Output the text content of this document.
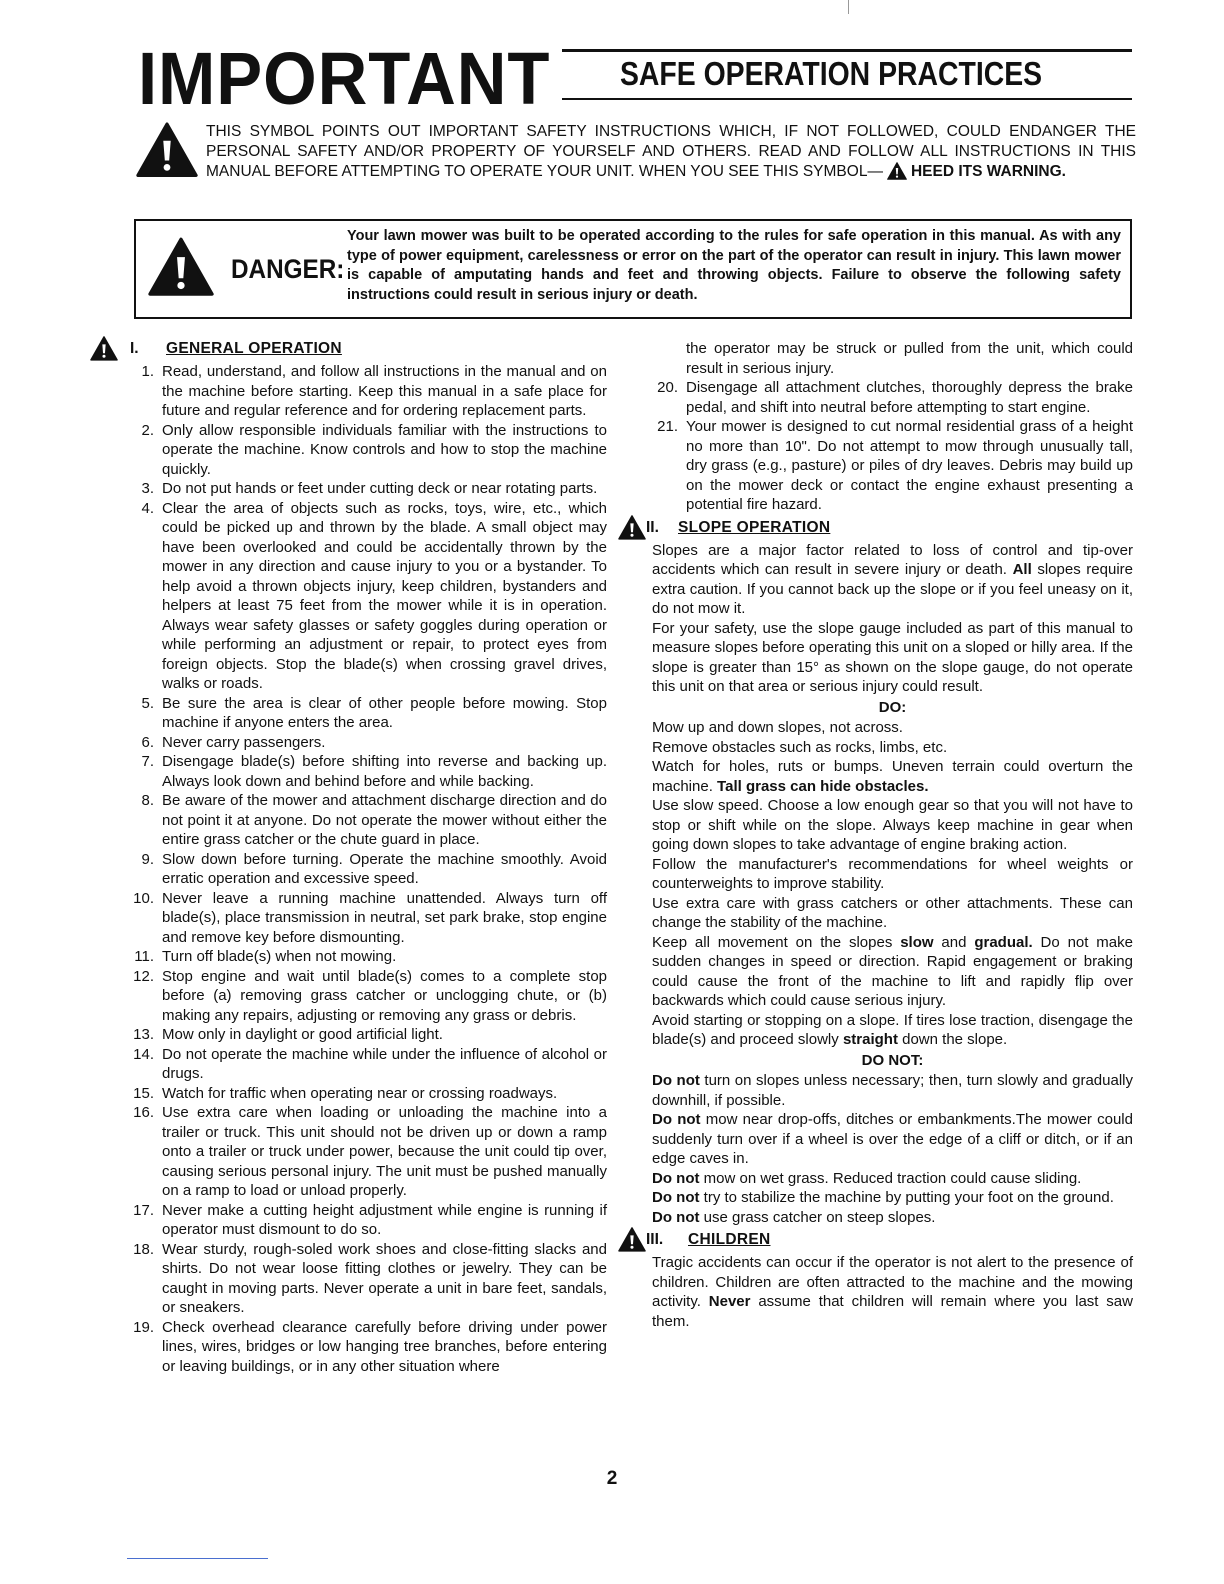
IMPORTANT SAFE OPERATION PRACTICES
THIS SYMBOL POINTS OUT IMPORTANT SAFETY INSTRUCTIONS WHICH, IF NOT FOLLOWED, COULD ENDANGER THE PERSONAL SAFETY AND/OR PROPERTY OF YOURSELF AND OTHERS. READ AND FOLLOW ALL INSTRUCTIONS IN THIS MANUAL BEFORE ATTEMPTING TO OPERATE YOUR UNIT. WHEN YOU SEE THIS SYMBOL— HEED ITS WARNING.
DANGER:
Your lawn mower was built to be operated according to the rules for safe operation in this manual. As with any type of power equipment, carelessness or error on the part of the operator can result in injury. This lawn mower is capable of amputating hands and feet and throwing objects. Failure to observe the following safety instructions could result in serious injury or death.
I. GENERAL OPERATION
1. Read, understand, and follow all instructions in the manual and on the machine before starting. Keep this manual in a safe place for future and regular reference and for ordering replacement parts.
2. Only allow responsible individuals familiar with the instructions to operate the machine. Know controls and how to stop the machine quickly.
3. Do not put hands or feet under cutting deck or near rotating parts.
4. Clear the area of objects such as rocks, toys, wire, etc., which could be picked up and thrown by the blade. A small object may have been overlooked and could be accidentally thrown by the mower in any direction and cause injury to you or a bystander. To help avoid a thrown objects injury, keep children, bystanders and helpers at least 75 feet from the mower while it is in operation. Always wear safety glasses or safety goggles during operation or while performing an adjustment or repair, to protect eyes from foreign objects. Stop the blade(s) when crossing gravel drives, walks or roads.
5. Be sure the area is clear of other people before mowing. Stop machine if anyone enters the area.
6. Never carry passengers.
7. Disengage blade(s) before shifting into reverse and backing up. Always look down and behind before and while backing.
8. Be aware of the mower and attachment discharge direction and do not point it at anyone. Do not operate the mower without either the entire grass catcher or the chute guard in place.
9. Slow down before turning. Operate the machine smoothly. Avoid erratic operation and excessive speed.
10. Never leave a running machine unattended. Always turn off blade(s), place transmission in neutral, set park brake, stop engine and remove key before dismounting.
11. Turn off blade(s) when not mowing.
12. Stop engine and wait until blade(s) comes to a complete stop before (a) removing grass catcher or unclogging chute, or (b) making any repairs, adjusting or removing any grass or debris.
13. Mow only in daylight or good artificial light.
14. Do not operate the machine while under the influence of alcohol or drugs.
15. Watch for traffic when operating near or crossing roadways.
16. Use extra care when loading or unloading the machine into a trailer or truck. This unit should not be driven up or down a ramp onto a trailer or truck under power, because the unit could tip over, causing serious personal injury. The unit must be pushed manually on a ramp to load or unload properly.
17. Never make a cutting height adjustment while engine is running if operator must dismount to do so.
18. Wear sturdy, rough-soled work shoes and close-fitting slacks and shirts. Do not wear loose fitting clothes or jewelry. They can be caught in moving parts. Never operate a unit in bare feet, sandals, or sneakers.
19. Check overhead clearance carefully before driving under power lines, wires, bridges or low hanging tree branches, before entering or leaving buildings, or in any other situation where
the operator may be struck or pulled from the unit, which could result in serious injury.
20. Disengage all attachment clutches, thoroughly depress the brake pedal, and shift into neutral before attempting to start engine.
21. Your mower is designed to cut normal residential grass of a height no more than 10". Do not attempt to mow through unusually tall, dry grass (e.g., pasture) or piles of dry leaves. Debris may build up on the mower deck or contact the engine exhaust presenting a potential fire hazard.
II. SLOPE OPERATION

Slopes are a major factor related to loss of control and tip-over accidents which can result in severe injury or death. All slopes require extra caution. If you cannot back up the slope or if you feel uneasy on it, do not mow it.

For your safety, use the slope gauge included as part of this manual to measure slopes before operating this unit on a sloped or hilly area. If the slope is greater than 15° as shown on the slope gauge, do not operate this unit on that area or serious injury could result.

DO:

Mow up and down slopes, not across.

Remove obstacles such as rocks, limbs, etc.

Watch for holes, ruts or bumps. Uneven terrain could overturn the machine. Tall grass can hide obstacles.

Use slow speed. Choose a low enough gear so that you will not have to stop or shift while on the slope. Always keep machine in gear when going down slopes to take advantage of engine braking action.

Follow the manufacturer's recommendations for wheel weights or counterweights to improve stability.

Use extra care with grass catchers or other attachments. These can change the stability of the machine.

Keep all movement on the slopes slow and gradual. Do not make sudden changes in speed or direction. Rapid engagement or braking could cause the front of the machine to lift and rapidly flip over backwards which could cause serious injury.

Avoid starting or stopping on a slope. If tires lose traction, disengage the blade(s) and proceed slowly straight down the slope.

DO NOT:

Do not turn on slopes unless necessary; then, turn slowly and gradually downhill, if possible.

Do not mow near drop-offs, ditches or embankments.The mower could suddenly turn over if a wheel is over the edge of a cliff or ditch, or if an edge caves in.

Do not mow on wet grass. Reduced traction could cause sliding.

Do not try to stabilize the machine by putting your foot on the ground.

Do not use grass catcher on steep slopes.

III. CHILDREN

Tragic accidents can occur if the operator is not alert to the presence of children. Children are often attracted to the machine and the mowing activity. Never assume that children will remain where you last saw them.

2
